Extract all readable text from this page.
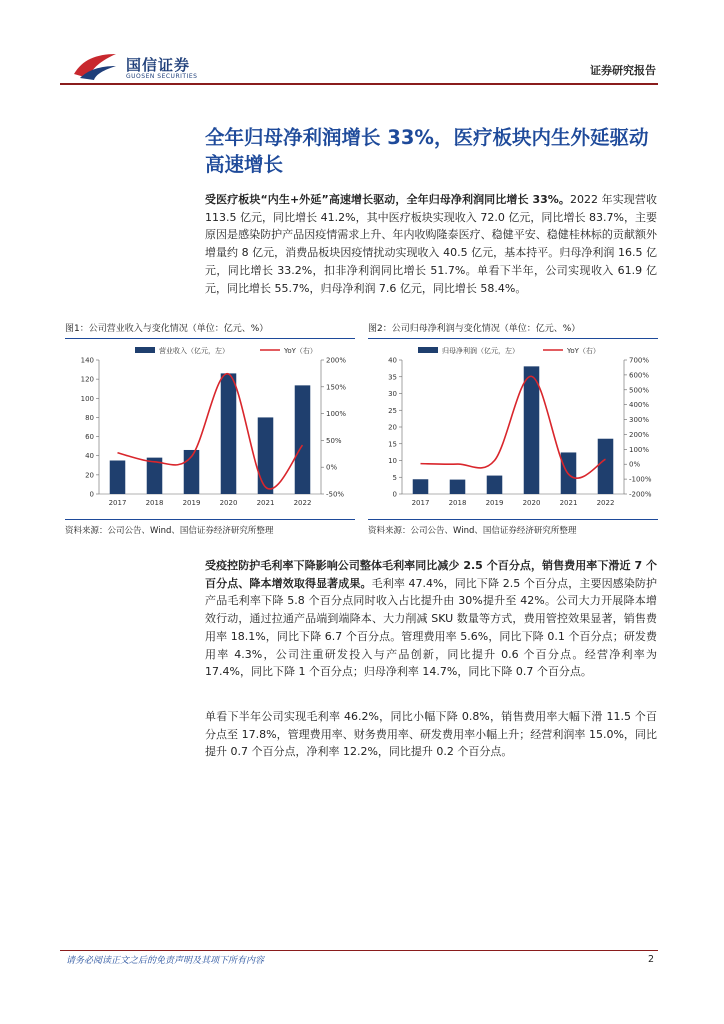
国信证券
GUOSEN SECURITIES	证券研究报告
全年归母净利润增长 33%，医疗板块内生外延驱动高速增长
受医疗板块“内生+外延”高速增长驱动，全年归母净利润同比增长 33%。2022 年实现营收 113.5 亿元，同比增长 41.2%，其中医疗板块实现收入 72.0 亿元，同比增长 83.7%，主要原因是感染防护产品因疫情需求上升、年内收购隆泰医疗、稳健平安、稳健桂林标的贡献额外增量约 8 亿元，消费品板块因疫情扰动实现收入 40.5 亿元，基本持平。归母净利润 16.5 亿元，同比增长 33.2%，扣非净利润同比增长 51.7%。单看下半年，公司实现收入 61.9 亿元，同比增长 55.7%，归母净利润 7.6 亿元，同比增长 58.4%。
图1：公司营业收入与变化情况（单位：亿元、%）
营业收入（亿元，左）	YoY（右）
0
20
40
60
80
100
120
140
-50%
0%
50%
100%
150%
200%
2017	2018	2019	2020	2021	2022
资料来源：公司公告、Wind、国信证券经济研究所整理
图2：公司归母净利润与变化情况（单位：亿元、%）
归母净利润（亿元，左）	YoY（右）
0
5
10
15
20
25
30
35
40
-200%
-100%
0%
100%
200%
300%
400%
500%
600%
700%
2017	2018	2019	2020	2021	2022
资料来源：公司公告、Wind、国信证券经济研究所整理
受疫控防护毛利率下降影响公司整体毛利率同比减少 2.5 个百分点，销售费用率下滑近 7 个百分点、降本增效取得显著成果。毛利率 47.4%，同比下降 2.5 个百分点，主要因感染防护产品毛利率下降 5.8 个百分点同时收入占比提升由 30%提升至 42%。公司大力开展降本增效行动，通过拉通产品端到端降本、大力削减 SKU 数量等方式，费用管控效果显著，销售费用率 18.1%，同比下降 6.7 个百分点。管理费用率 5.6%，同比下降 0.1 个百分点；研发费用率 4.3%，公司注重研发投入与产品创新，同比提升 0.6 个百分点。经营净利率为 17.4%，同比下降 1 个百分点；归母净利率 14.7%，同比下降 0.7 个百分点。
单看下半年公司实现毛利率 46.2%，同比小幅下降 0.8%，销售费用率大幅下滑 11.5 个百分点至 17.8%，管理费用率、财务费用率、研发费用率小幅上升；经营利润率 15.0%，同比提升 0.7 个百分点，净利率 12.2%，同比提升 0.2 个百分点。
请务必阅读正文之后的免责声明及其项下所有内容	2
